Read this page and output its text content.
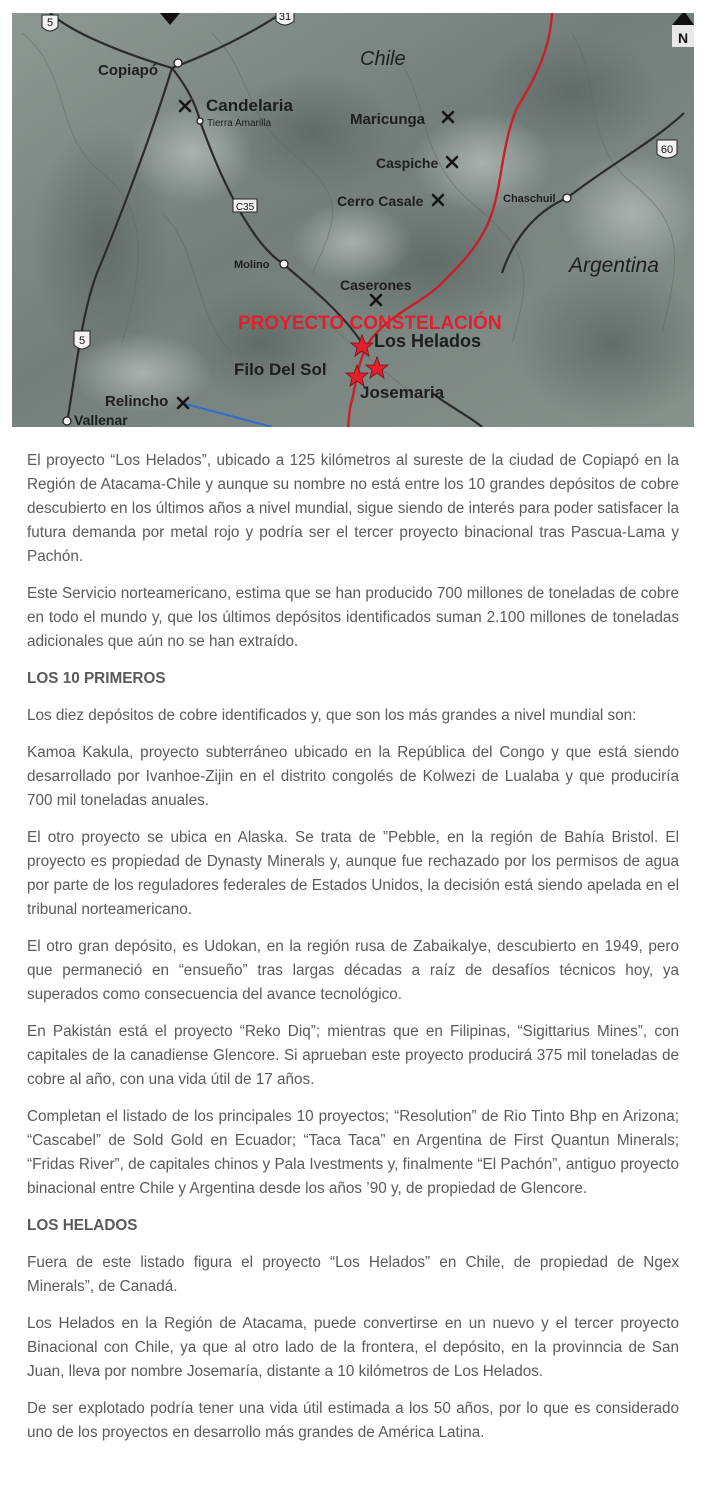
5	31
60
C35
5
N
Copiapó
Candelaria
Tierra Amarilla
Chile
Maricunga
Caspiche
Cerro Casale	Chaschuil
Argentina
Molino
Caserones
PROYECTO CONSTELACIÓN
Los Helados
Filo Del Sol
Josemaria
Relincho
Vallenar

El proyecto “Los Helados”, ubicado a 125 kilómetros al sureste de la ciudad de Copiapó en la Región de Atacama-Chile y aunque su nombre no está entre los 10 grandes depósitos de cobre descubierto en los últimos años a nivel mundial, sigue siendo de interés para poder satisfacer la futura demanda por metal rojo y podría ser el tercer proyecto binacional tras Pascua-Lama y Pachón.

Este Servicio norteamericano, estima que se han producido 700 millones de toneladas de cobre en todo el mundo y, que los últimos depósitos identificados suman 2.100 millones de toneladas adicionales que aún no se han extraído.

LOS 10 PRIMEROS

Los diez depósitos de cobre identificados y, que son los más grandes a nivel mundial son:

Kamoa Kakula, proyecto subterráneo ubicado en la República del Congo y que está siendo desarrollado por Ivanhoe-Zijin en el distrito congolés de Kolwezi de Lualaba y que produciría 700 mil toneladas anuales.

El otro proyecto se ubica en Alaska. Se trata de ”Pebble, en la región de Bahía Bristol. El proyecto es propiedad de Dynasty Minerals y, aunque fue rechazado por los permisos de agua por parte de los reguladores federales de Estados Unidos, la decisión está siendo apelada en el tribunal norteamericano.

El otro gran depósito, es Udokan, en la región rusa de Zabaikalye, descubierto en 1949, pero que permaneció en “ensueño” tras largas décadas a raíz de desafíos técnicos hoy, ya superados como consecuencia del avance tecnológico.

En Pakistán está el proyecto “Reko Diq”; mientras que en Filipinas, “Sigittarius Mines”, con capitales de la canadiense Glencore. Si aprueban este proyecto producirá 375 mil toneladas de cobre al año, con una vida útil de 17 años.

Completan el listado de los principales 10 proyectos; “Resolution” de Rio Tinto Bhp en Arizona; “Cascabel” de Sold Gold en Ecuador; “Taca Taca” en Argentina de First Quantun Minerals; “Fridas River”, de capitales chinos y Pala Ivestments y, finalmente “El Pachón”, antiguo proyecto binacional entre Chile y Argentina desde los años ’90 y, de propiedad de Glencore.

LOS HELADOS

Fuera de este listado figura el proyecto “Los Helados” en Chile, de propiedad de Ngex Minerals”, de Canadá.

Los Helados en la Región de Atacama, puede convertirse en un nuevo y el tercer proyecto Binacional con Chile, ya que al otro lado de la frontera, el depósito, en la provinncia de San Juan, lleva por nombre Josemaría, distante a 10 kilómetros de Los Helados.

De ser explotado podría tener una vida útil estimada a los 50 años, por lo que es considerado uno de los proyectos en desarrollo más grandes de América Latina.
